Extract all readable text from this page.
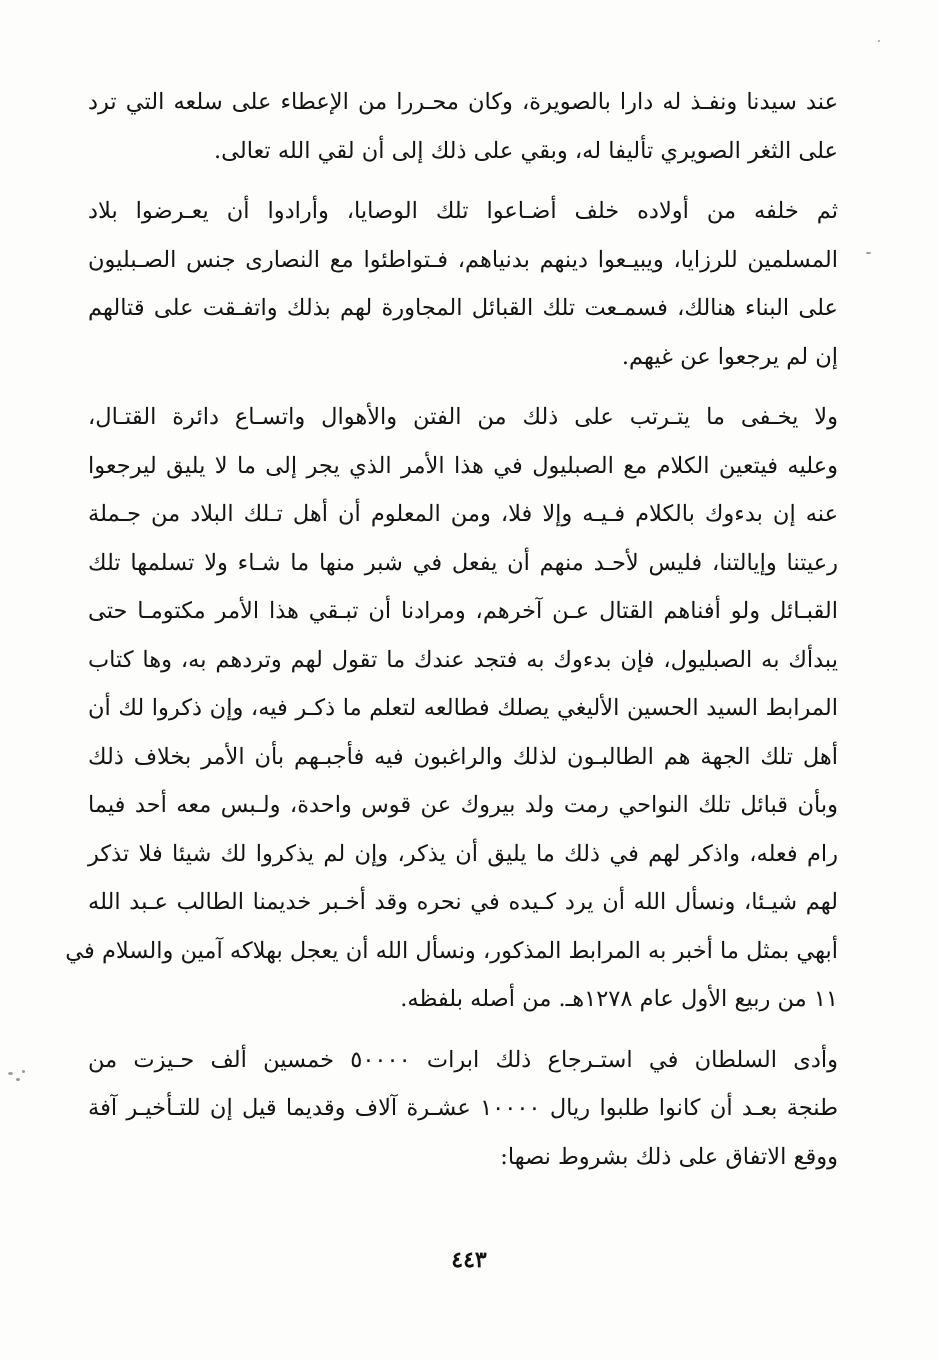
عند سيدنا ونفـذ له دارا بالصويرة، وكان محـررا من الإعطاء على سلعه التي ترد
على الثغر الصويري تأليفا له، وبقي على ذلك إلى أن لقي الله تعالى.
ثم خلفه من أولاده خلف أضـاعوا تلك الوصايا، وأرادوا أن يعـرضوا بلاد
المسلمين للرزايا، ويبيـعوا دينهم بدنياهم، فـتواطئوا مع النصارى جنس الصـبليون
على البناء هنالك، فسمـعت تلك القبائل المجاورة لهم بذلك واتفـقت على قتالهم
إن لم يرجعوا عن غيهم.
ولا يخـفى ما يتـرتب على ذلك من الفتن والأهوال واتسـاع دائرة القتـال،
وعليه فيتعين الكلام مع الصبليول في هذا الأمر الذي يجر إلى ما لا يليق ليرجعوا
عنه إن بدءوك بالكلام فـيـه وإلا فلا، ومن المعلوم أن أهل تـلك البلاد من جـملة
رعيتنا وإيالتنا، فليس لأحـد منهم أن يفعل في شبر منها ما شـاء ولا تسلمها تلك
القبـائل ولو أفناهم القتال عـن آخرهم، ومرادنا أن تبـقي هذا الأمر مكتومـا حتى
يبدأك به الصبليول، فإن بدءوك به فتجد عندك ما تقول لهم وتردهم به، وها كتاب
المرابط السيد الحسين الأليغي يصلك فطالعه لتعلم ما ذكـر فيه، وإن ذكروا لك أن
أهل تلك الجهة هم الطالبـون لذلك والراغبون فيه فأجبـهم بأن الأمر بخلاف ذلك
وبأن قبائل تلك النواحي رمت ولد بيروك عن قوس واحدة، ولـبس معه أحد فيما
رام فعله، واذكر لهم في ذلك ما يليق أن يذكر، وإن لم يذكروا لك شيئا فلا تذكر
لهم شيـئا، ونسأل الله أن يرد كـيده في نحره وقد أخـبر خديمنا الطالب عـبد الله
أبهي بمثل ما أخبر به المرابط المذكور، ونسأل الله أن يعجل بهلاكه آمين والسلام في
١١ من ربيع الأول عام ١٢٧٨هـ. من أصله بلفظه.
وأدى السلطان في استـرجاع ذلك ابرات ٥٠٠٠٠ خمسين ألف حـيزت من
طنجة بعـد أن كانوا طلبوا ريال ١٠٠٠٠ عشـرة آلاف وقديما قيل إن للتـأخيـر آفة
ووقع الاتفاق على ذلك بشروط نصها:
٤٤٣
